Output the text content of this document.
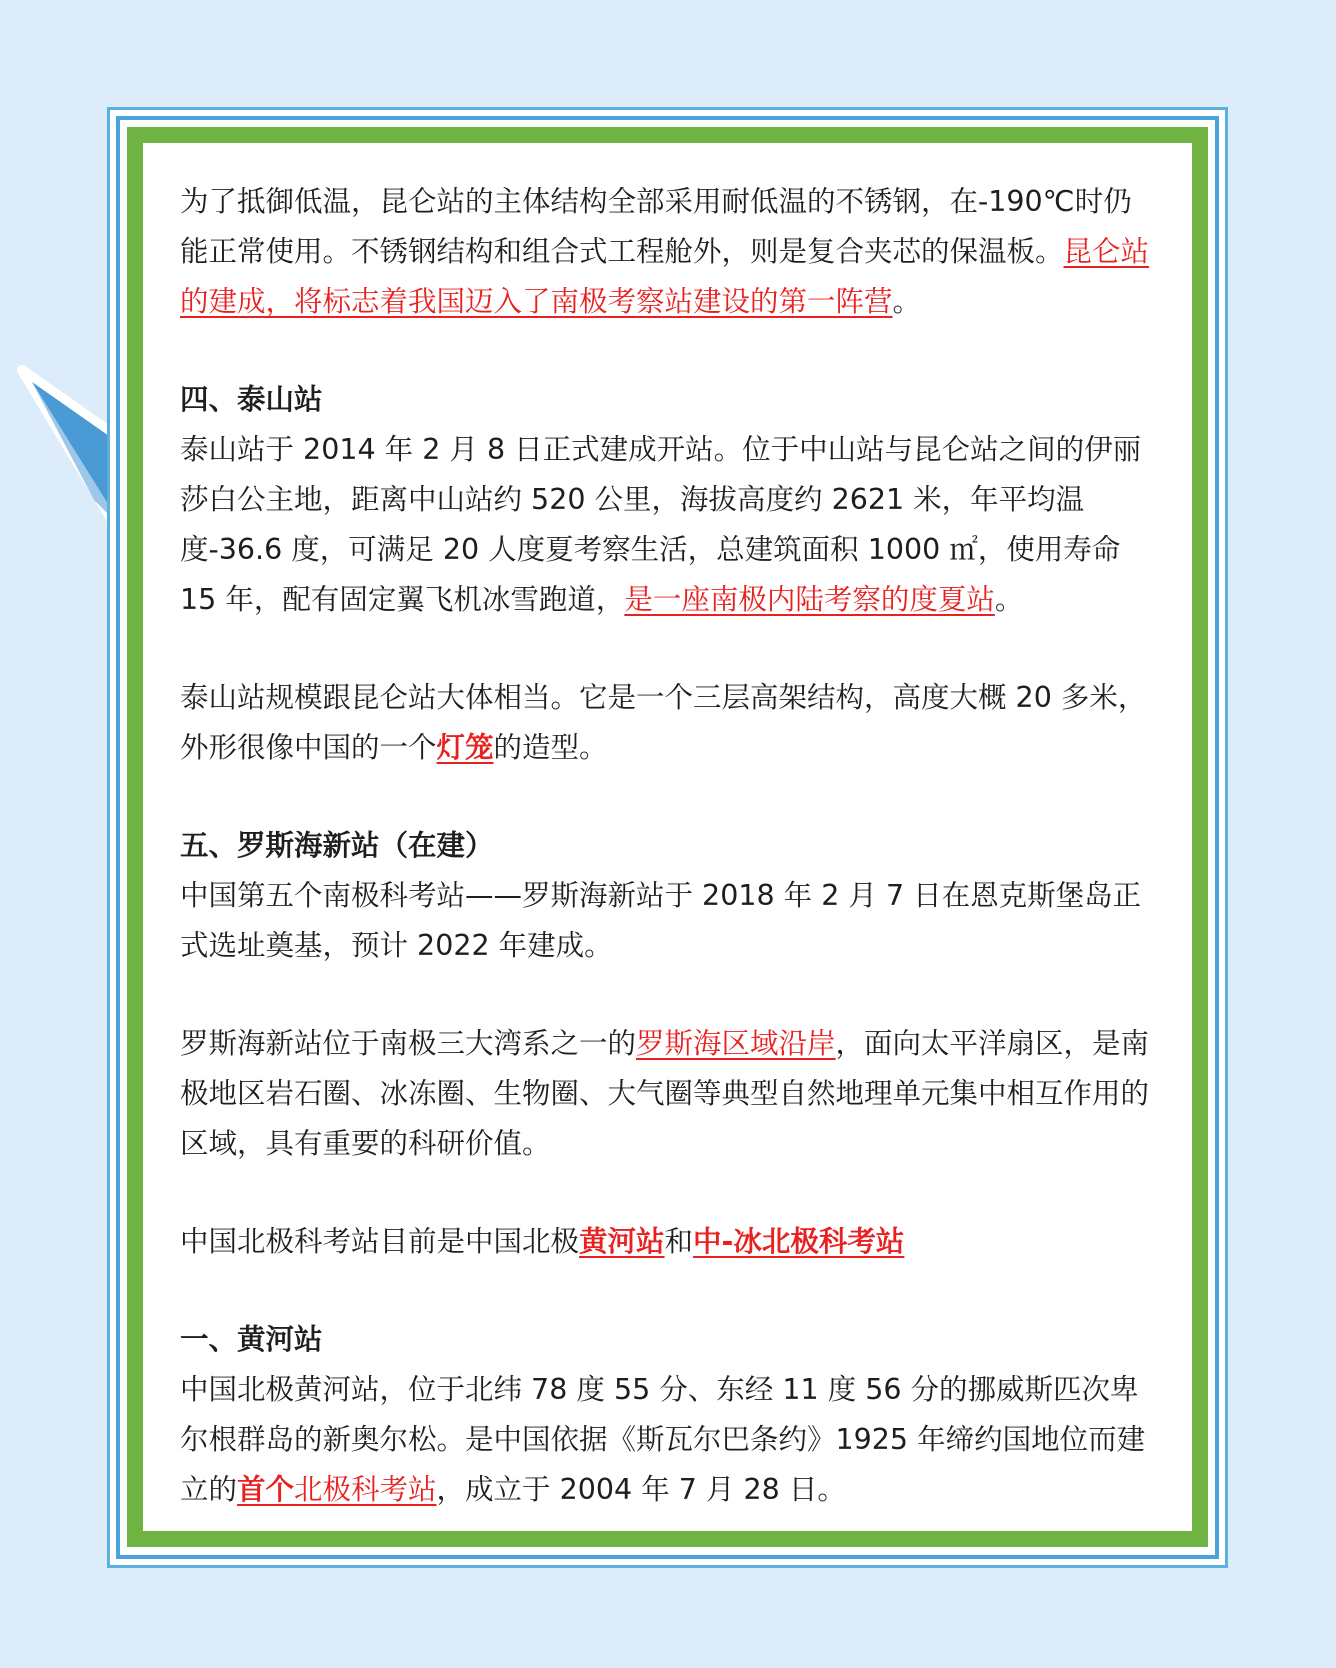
为了抵御低温，昆仑站的主体结构全部采用耐低温的不锈钢，在-190℃时仍能正常使用。不锈钢结构和组合式工程舱外，则是复合夹芯的保温板。昆仑站的建成，将标志着我国迈入了南极考察站建设的第一阵营。

四、泰山站

泰山站于 2014 年 2 月 8 日正式建成开站。位于中山站与昆仑站之间的伊丽莎白公主地，距离中山站约 520 公里，海拔高度约 2621 米，年平均温度-36.6 度，可满足 20 人度夏考察生活，总建筑面积 1000 ㎡，使用寿命 15 年，配有固定翼飞机冰雪跑道，是一座南极内陆考察的度夏站。

泰山站规模跟昆仑站大体相当。它是一个三层高架结构，高度大概 20 多米，外形很像中国的一个灯笼的造型。

五、罗斯海新站（在建）

中国第五个南极科考站——罗斯海新站于 2018 年 2 月 7 日在恩克斯堡岛正式选址奠基，预计 2022 年建成。

罗斯海新站位于南极三大湾系之一的罗斯海区域沿岸，面向太平洋扇区，是南极地区岩石圈、冰冻圈、生物圈、大气圈等典型自然地理单元集中相互作用的区域，具有重要的科研价值。

中国北极科考站目前是中国北极黄河站和中-冰北极科考站

一、黄河站

中国北极黄河站，位于北纬 78 度 55 分、东经 11 度 56 分的挪威斯匹次卑尔根群岛的新奥尔松。是中国依据《斯瓦尔巴条约》1925 年缔约国地位而建立的首个北极科考站，成立于 2004 年 7 月 28 日。
